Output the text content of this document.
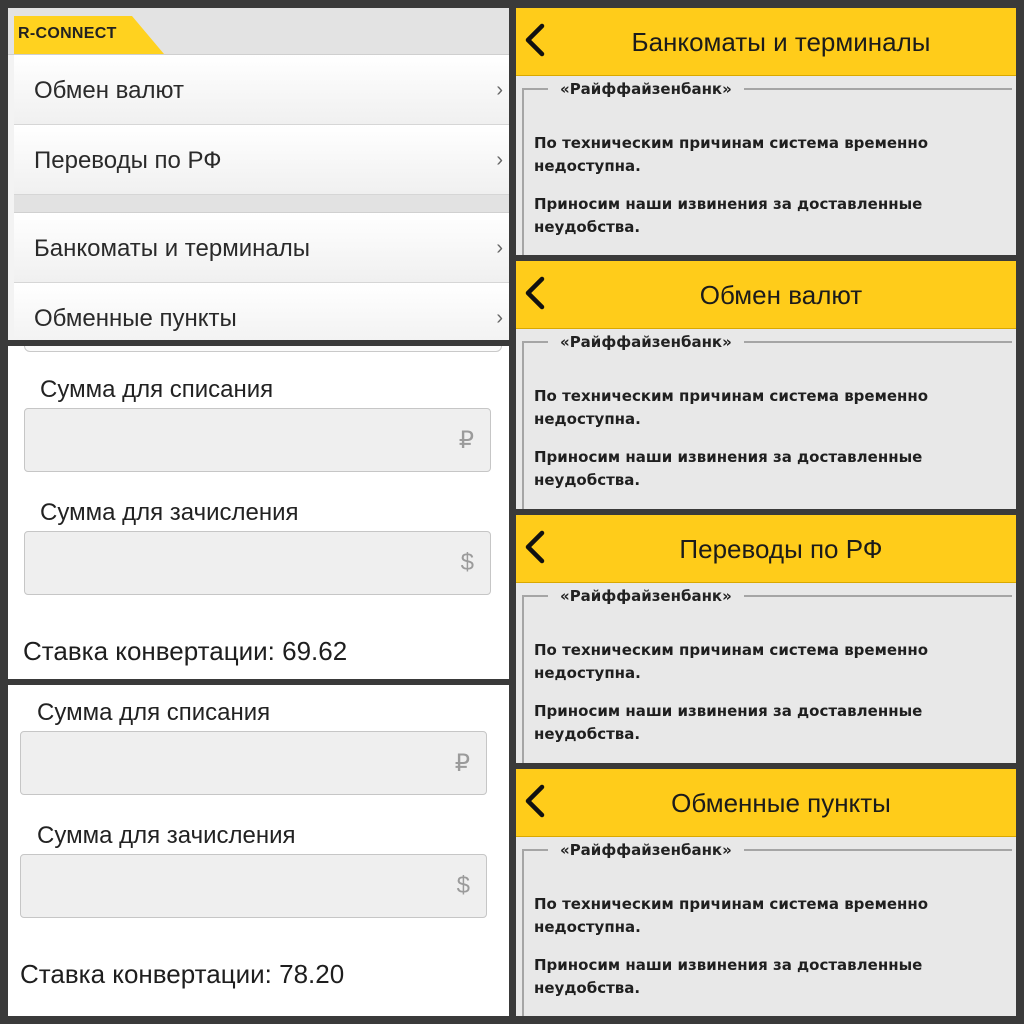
R-CONNECT
Обмен валют	›
Переводы по РФ	›
Банкоматы и терминалы	›
Обменные пункты	›
Сумма для списания
₽
Сумма для зачисления
$
Ставка конвертации: 69.62
Сумма для списания
₽
Сумма для зачисления
$
Ставка конвертации: 78.20
Банкоматы и терминалы
«Райффайзенбанк»
По техническим причинам система временно недоступна.
Приносим наши извинения за доставленные неудобства.
Обмен валют
«Райффайзенбанк»
По техническим причинам система временно недоступна.
Приносим наши извинения за доставленные неудобства.
Переводы по РФ
«Райффайзенбанк»
По техническим причинам система временно недоступна.
Приносим наши извинения за доставленные неудобства.
Обменные пункты
«Райффайзенбанк»
По техническим причинам система временно недоступна.
Приносим наши извинения за доставленные неудобства.
